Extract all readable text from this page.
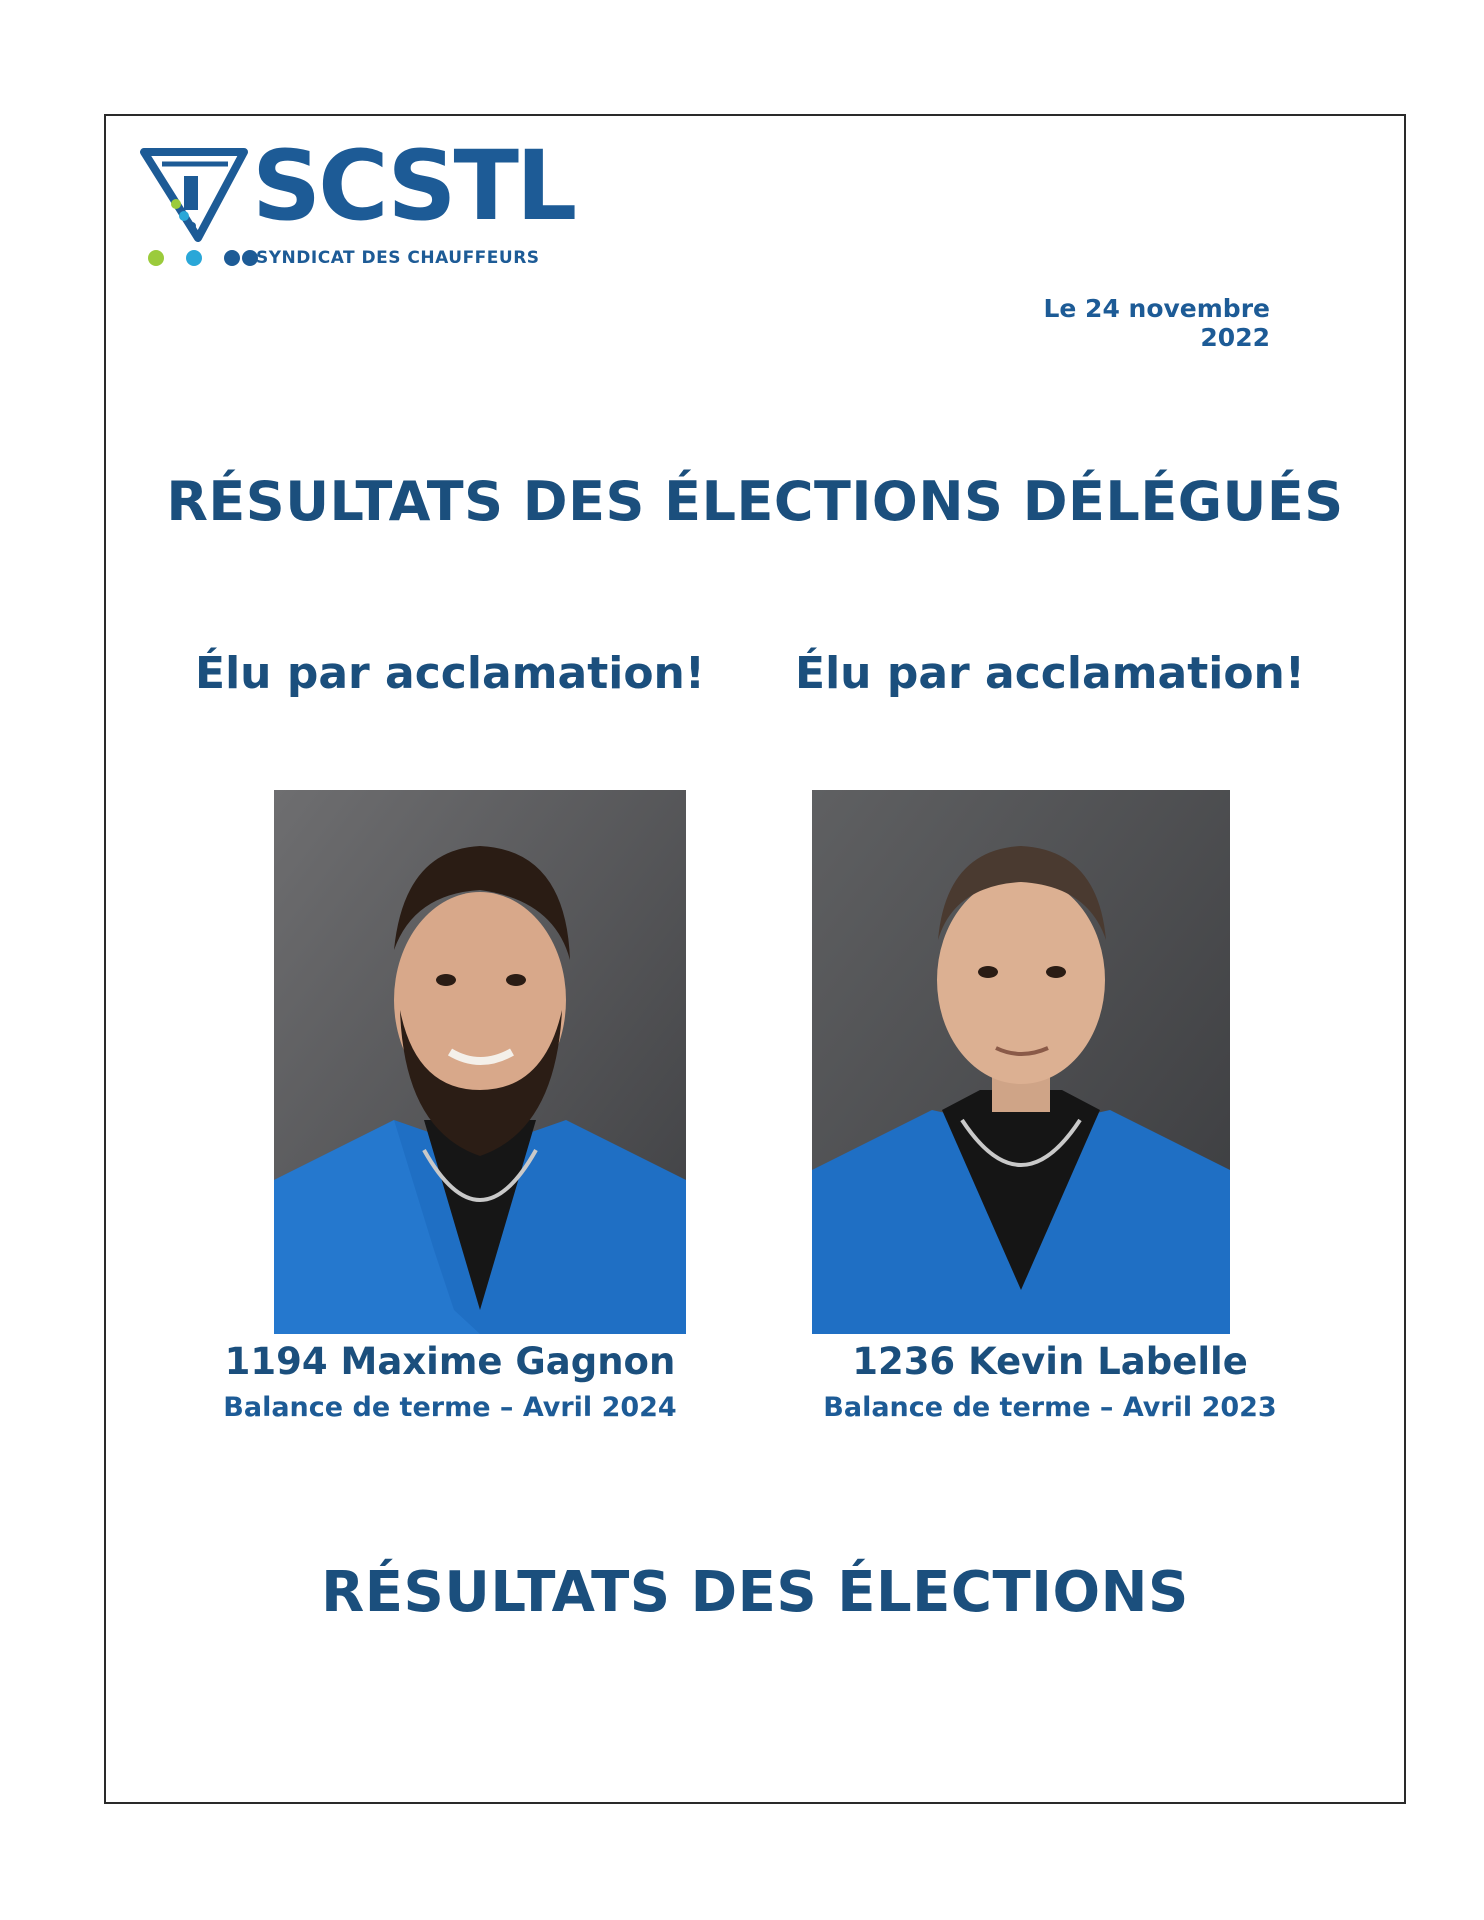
SCSTL
SYNDICAT DES CHAUFFEURS
Le 24 novembre 2022
RÉSULTATS DES ÉLECTIONS DÉLÉGUÉS
Élu par acclamation!
1194 Maxime Gagnon
Balance de terme – Avril 2024
Élu par acclamation!
1236 Kevin Labelle
Balance de terme – Avril 2023
RÉSULTATS DES ÉLECTIONS
